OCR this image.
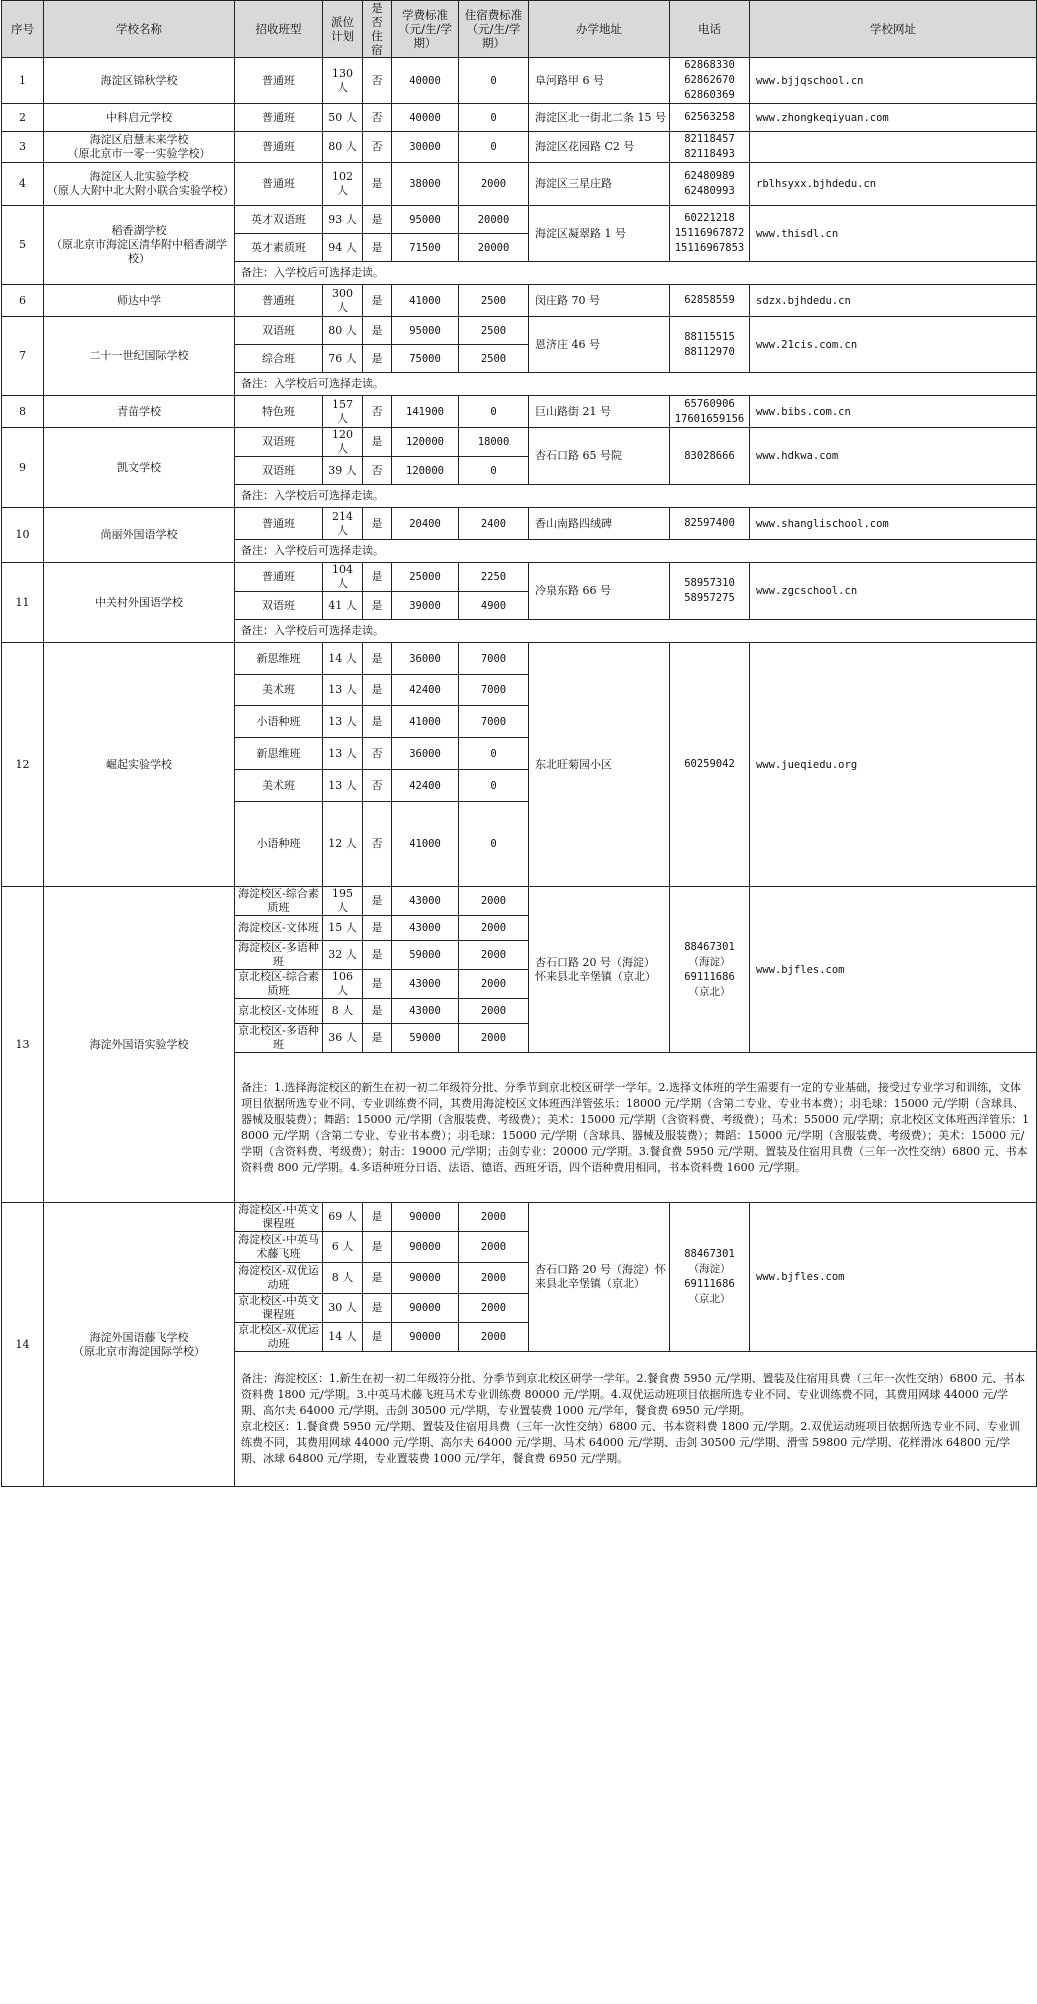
序号	学校名称	招收班型	派位计划	是否住宿	学费标准（元/生/学期）	住宿费标准（元/生/学期）	办学地址	电话	学校网址
1	海淀区锦秋学校	普通班	130 人	否	40000	0	阜河路甲 6 号	62868330
62862670
62860369	www.bjjqschool.cn
2	中科启元学校	普通班	50 人	否	40000	0	海淀区北一街北二条 15 号	62563258	www.zhongkeqiyuan.com
3	海淀区启慧未来学校
（原北京市一零一实验学校）	普通班	80 人	否	30000	0	海淀区花园路 C2 号	82118457
82118493	
4	海淀区人北实验学校
（原人大附中北大附小联合实验学校）	普通班	102 人	是	38000	2000	海淀区三星庄路	62480989
62480993	rblhsyxx.bjhdedu.cn
5	稻香湖学校
（原北京市海淀区清华附中稻香湖学校）	英才双语班	93 人	是	95000	20000	海淀区凝翠路 1 号	60221218
15116967872
15116967853	www.thisdl.cn
		英才素质班	94 人	是	71500	20000			
		备注：入学校后可选择走读。							
6	师达中学	普通班	300 人	是	41000	2500	闵庄路 70 号	62858559	sdzx.bjhdedu.cn
7	二十一世纪国际学校	双语班	80 人	是	95000	2500	恩济庄 46 号	88115515
88112970	www.21cis.com.cn
		综合班	76 人	是	75000	2500			
		备注：入学校后可选择走读。							
8	青苗学校	特色班	157 人	否	141900	0	巨山路街 21 号	65760906
17601659156	www.bibs.com.cn
9	凯文学校	双语班	120 人	是	120000	18000	杏石口路 65 号院	83028666	www.hdkwa.com
		双语班	39 人	否	120000	0			
		备注：入学校后可选择走读。							
10	尚丽外国语学校	普通班	214 人	是	20400	2400	香山南路四绒碑	82597400	www.shanglischool.com
		备注：入学校后可选择走读。							
11	中关村外国语学校	普通班	104 人	是	25000	2250	冷泉东路 66 号	58957310
58957275	www.zgcschool.cn
		双语班	41 人	是	39000	4900			
		备注：入学校后可选择走读。							
12	崛起实验学校	新思维班	14 人	是	36000	7000	东北旺菊园小区	60259042	www.jueqiedu.org
		美术班	13 人	是	42400	7000			
		小语种班	13 人	是	41000	7000			
		新思维班	13 人	否	36000	0			
		美术班	13 人	否	42400	0			
		小语种班	12 人	否	41000	0			
13	海淀外国语实验学校	海淀校区-综合素质班	195 人	是	43000	2000	杏石口路 20 号（海淀）
怀来县北辛堡镇（京北）	88467301
（海淀）
69111686
（京北）	www.bjfles.com
		海淀校区-文体班	15 人	是	43000	2000			
		海淀校区-多语种班	32 人	是	59000	2000			
		京北校区-综合素质班	106 人	是	43000	2000			
		京北校区-文体班	8 人	是	43000	2000			
		京北校区-多语种班	36 人	是	59000	2000			
		备注：1.选择海淀校区的新生在初一初二年级符分批、分季节到京北校区研学一学年。2.选择文体班的学生需要有一定的专业基础，接受过专业学习和训练，文体项目依据所选专业不同、专业训练费不同，其费用海淀校区文体班西洋管弦乐：18000 元/学期（含第二专业、专业书本费）；羽毛球：15000 元/学期（含球具、器械及服装费）；舞蹈：15000 元/学期（含服装费、考级费）；美术：15000 元/学期（含资料费、考级费）；马术：55000 元/学期；京北校区文体班西洋管乐：18000 元/学期（含第二专业、专业书本费）；羽毛球：15000 元/学期（含球具、器械及服装费）；舞蹈：15000 元/学期（含服装费、考级费）；美术：15000 元/学期（含资料费、考级费）；射击：19000 元/学期；击剑专业：20000 元/学期。3.餐食费 5950 元/学期、置装及住宿用具费（三年一次性交纳）6800 元、书本资料费 800 元/学期。4.多语种班分日语、法语、德语、西班牙语，四个语种费用相同，书本资料费 1600 元/学期。							
14	海淀外国语藤飞学校
（原北京市海淀国际学校）	海淀校区-中英文课程班	69 人	是	90000	2000	杏石口路 20 号（海淀）怀来县北辛堡镇（京北）	88467301
（海淀）
69111686
（京北）	www.bjfles.com
		海淀校区-中英马术藤飞班	6 人	是	90000	2000			
		海淀校区-双优运动班	8 人	是	90000	2000			
		京北校区-中英文课程班	30 人	是	90000	2000			
		京北校区-双优运动班	14 人	是	90000	2000			
		备注：海淀校区：1.新生在初一初二年级符分批、分季节到京北校区研学一学年。2.餐食费 5950 元/学期、置装及住宿用具费（三年一次性交纳）6800 元、书本资料费 1800 元/学期。3.中英马术藤飞班马术专业训练费 80000 元/学期。4.双优运动班项目依据所选专业不同、专业训练费不同，其费用网球 44000 元/学期、高尔夫 64000 元/学期、击剑 30500 元/学期，专业置装费 1000 元/学年，餐食费 6950 元/学期。
京北校区：1.餐食费 5950 元/学期、置装及住宿用具费（三年一次性交纳）6800 元、书本资料费 1800 元/学期。2.双优运动班项目依据所选专业不同、专业训练费不同，其费用网球 44000 元/学期、高尔夫 64000 元/学期、马术 64000 元/学期、击剑 30500 元/学期、滑雪 59800 元/学期、花样滑冰 64800 元/学期、冰球 64800 元/学期，专业置装费 1000 元/学年，餐食费 6950 元/学期。							
